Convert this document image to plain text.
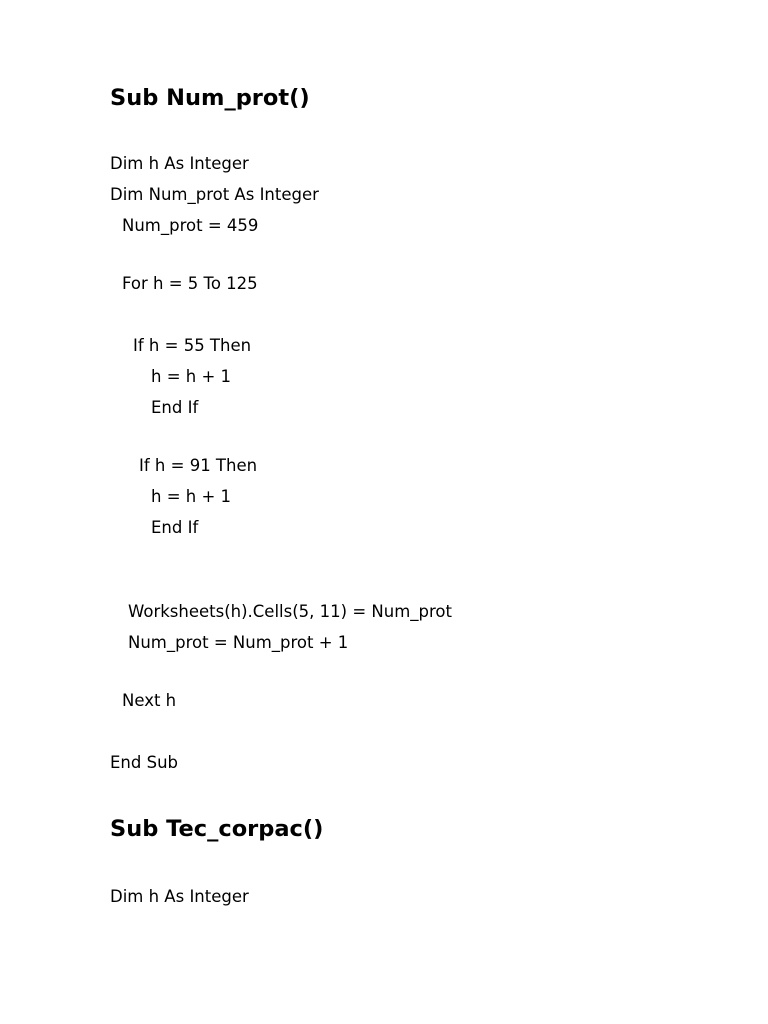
Sub Num_prot()
Dim h As Integer
Dim Num_prot As Integer
Num_prot = 459
For h = 5 To 125
If h = 55 Then
h = h + 1
End If
If h = 91 Then
h = h + 1
End If
Worksheets(h).Cells(5, 11) = Num_prot
Num_prot = Num_prot + 1
Next h
End Sub
Sub Tec_corpac()
Dim h As Integer
